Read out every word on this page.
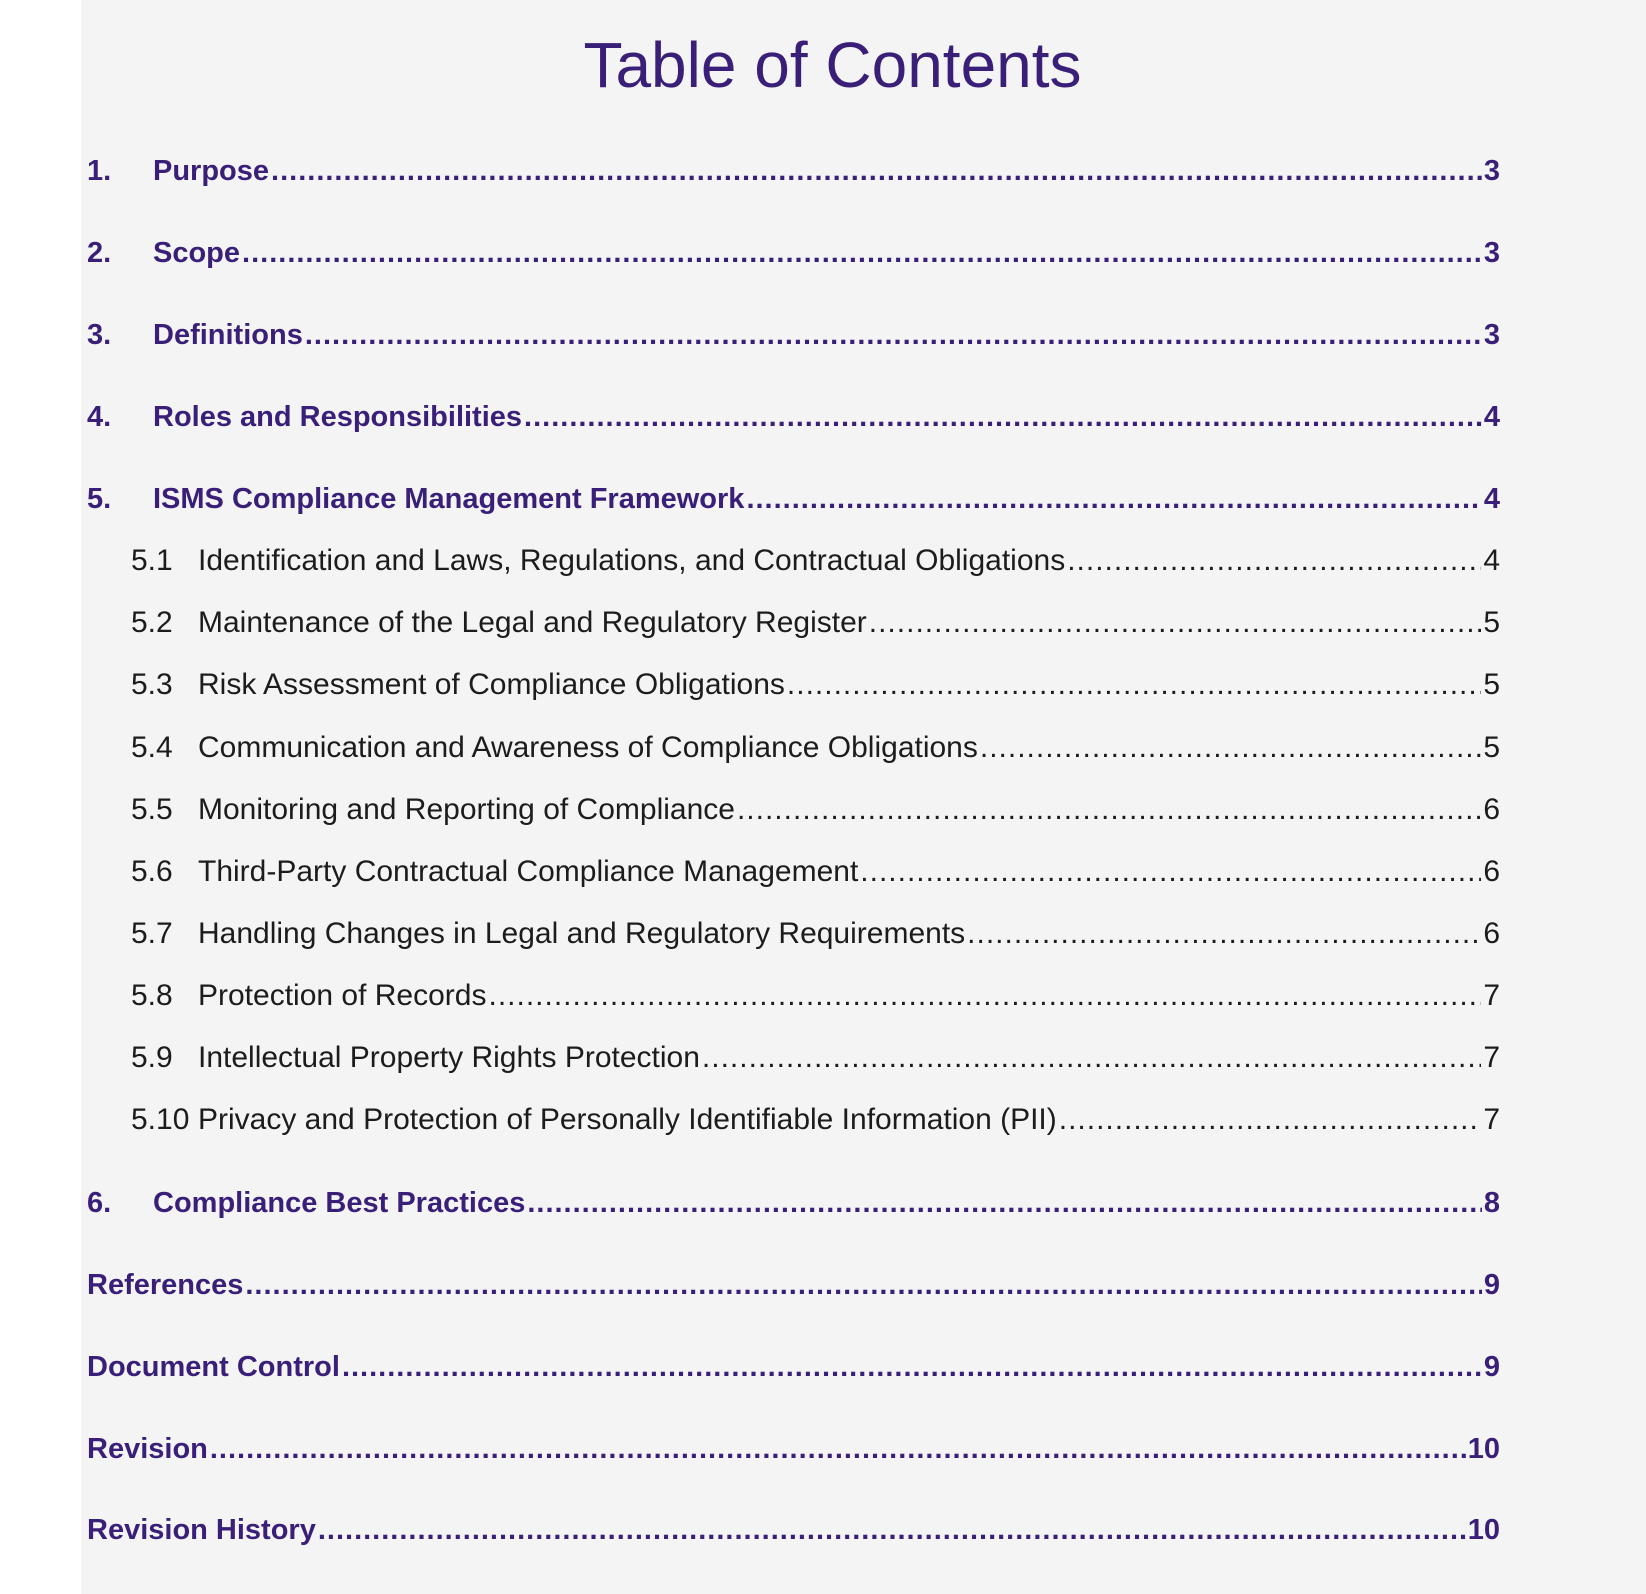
Table of Contents
1.	Purpose .....	3
2.	Scope .....	3
3.	Definitions .....	3
4.	Roles and Responsibilities .....	4
5.	ISMS Compliance Management Framework .....	4
5.1 Identification and Laws, Regulations, and Contractual Obligations .....	4
5.2 Maintenance of the Legal and Regulatory Register .....	5
5.3 Risk Assessment of Compliance Obligations .....	5
5.4 Communication and Awareness of Compliance Obligations .....	5
5.5 Monitoring and Reporting of Compliance .....	6
5.6 Third-Party Contractual Compliance Management .....	6
5.7 Handling Changes in Legal and Regulatory Requirements .....	6
5.8 Protection of Records .....	7
5.9 Intellectual Property Rights Protection .....	7
5.10 Privacy and Protection of Personally Identifiable Information (PII) .....	7
6.	Compliance Best Practices .....	8
References .....	9
Document Control .....	9
Revision .....	10
Revision History .....	10
